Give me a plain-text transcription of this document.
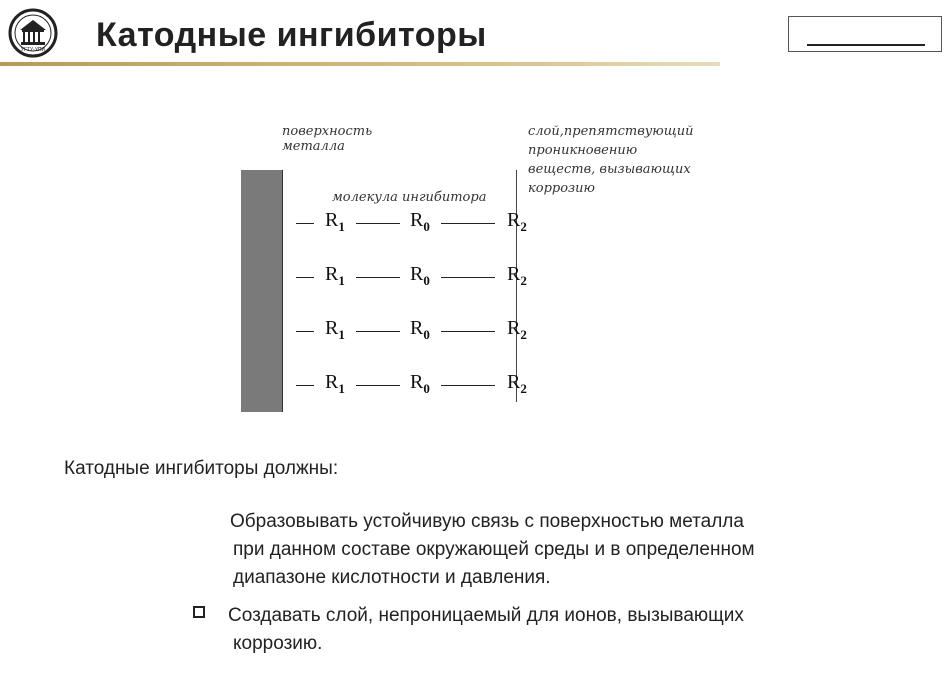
УГТУ-УПИ Катодные ингибиторы
поверхность
металла
молекула ингибитора
слой,препятствующий
проникновению
веществ, вызывающих
коррозию
$R_1$	$R_0$	$R_2$
$R_1$	$R_0$	$R_2$
$R_1$	$R_0$	$R_2$
$R_1$	$R_0$	$R_2$
Катодные ингибиторы должны:
Образовывать устойчивую связь с поверхностью металла
при данном составе окружающей среды и в определенном
диапазоне кислотности и давления.
Создавать слой, непроницаемый для ионов, вызывающих
коррозию.
